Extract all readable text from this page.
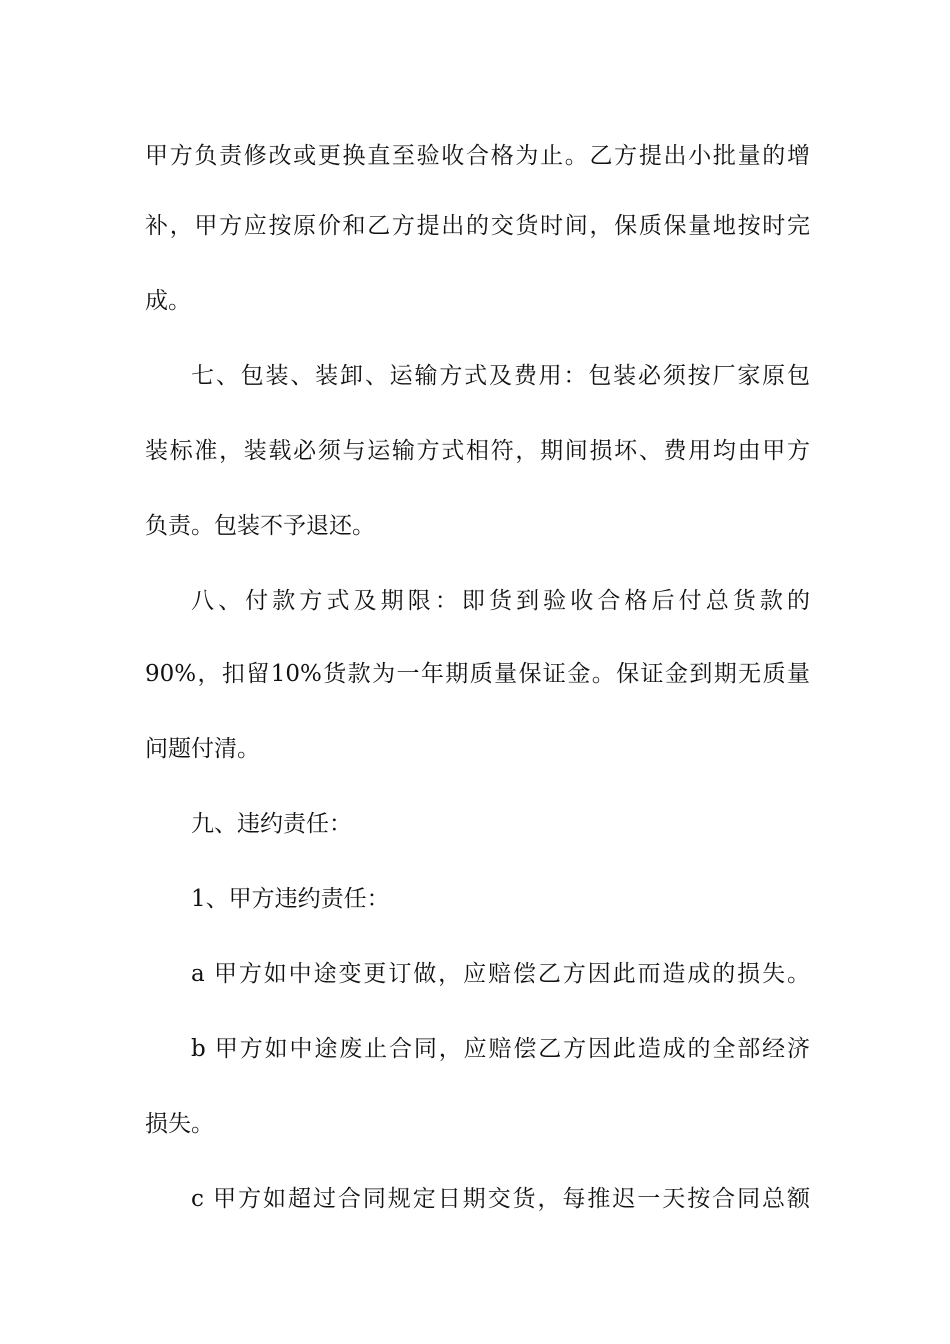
甲方负责修改或更换直至验收合格为止。乙方提出小批量的增
补，甲方应按原价和乙方提出的交货时间，保质保量地按时完
成。
七、包装、装卸、运输方式及费用：包装必须按厂家原包
装标准，装载必须与运输方式相符，期间损坏、费用均由甲方
负责。包装不予退还。
八、付款方式及期限：即货到验收合格后付总货款的
90%，扣留10%货款为一年期质量保证金。保证金到期无质量
问题付清。
九、违约责任：
1、甲方违约责任：
a 甲方如中途变更订做，应赔偿乙方因此而造成的损失。
b 甲方如中途废止合同，应赔偿乙方因此造成的全部经济
损失。
c 甲方如超过合同规定日期交货，每推迟一天按合同总额
